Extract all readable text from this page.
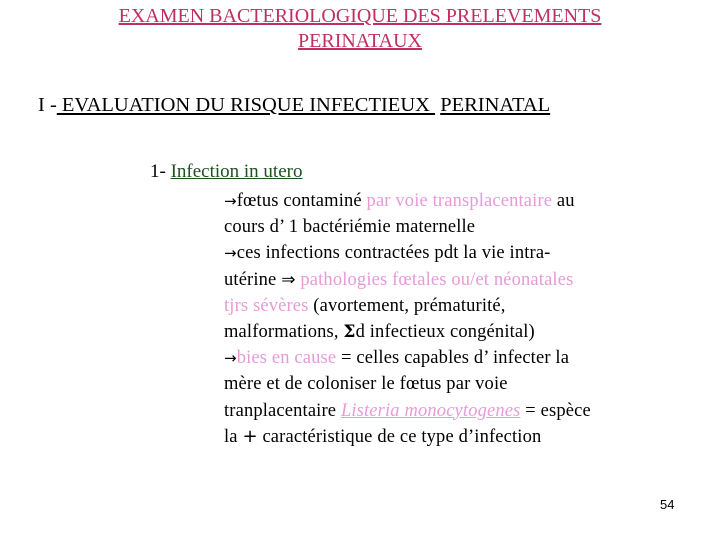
EXAMEN BACTERIOLOGIQUE DES PRELEVEMENTS
PERINATAUX
I - EVALUATION DU RISQUE INFECTIEUX  PERINATAL
1- Infection in utero
→fœtus contaminé par voie transplacentaire au
cours d’ 1 bactériémie maternelle
→ces infections contractées pdt la vie intra-
utérine ⇒ pathologies fœtales ou/et néonatales
tjrs sévères (avortement, prématurité,
malformations, Σd infectieux congénital)
→bies en cause = celles capables d’ infecter la
mère et de coloniser le fœtus par voie
tranplacentaire Listeria monocytogenes = espèce
la + caractéristique de ce type d’infection
54
